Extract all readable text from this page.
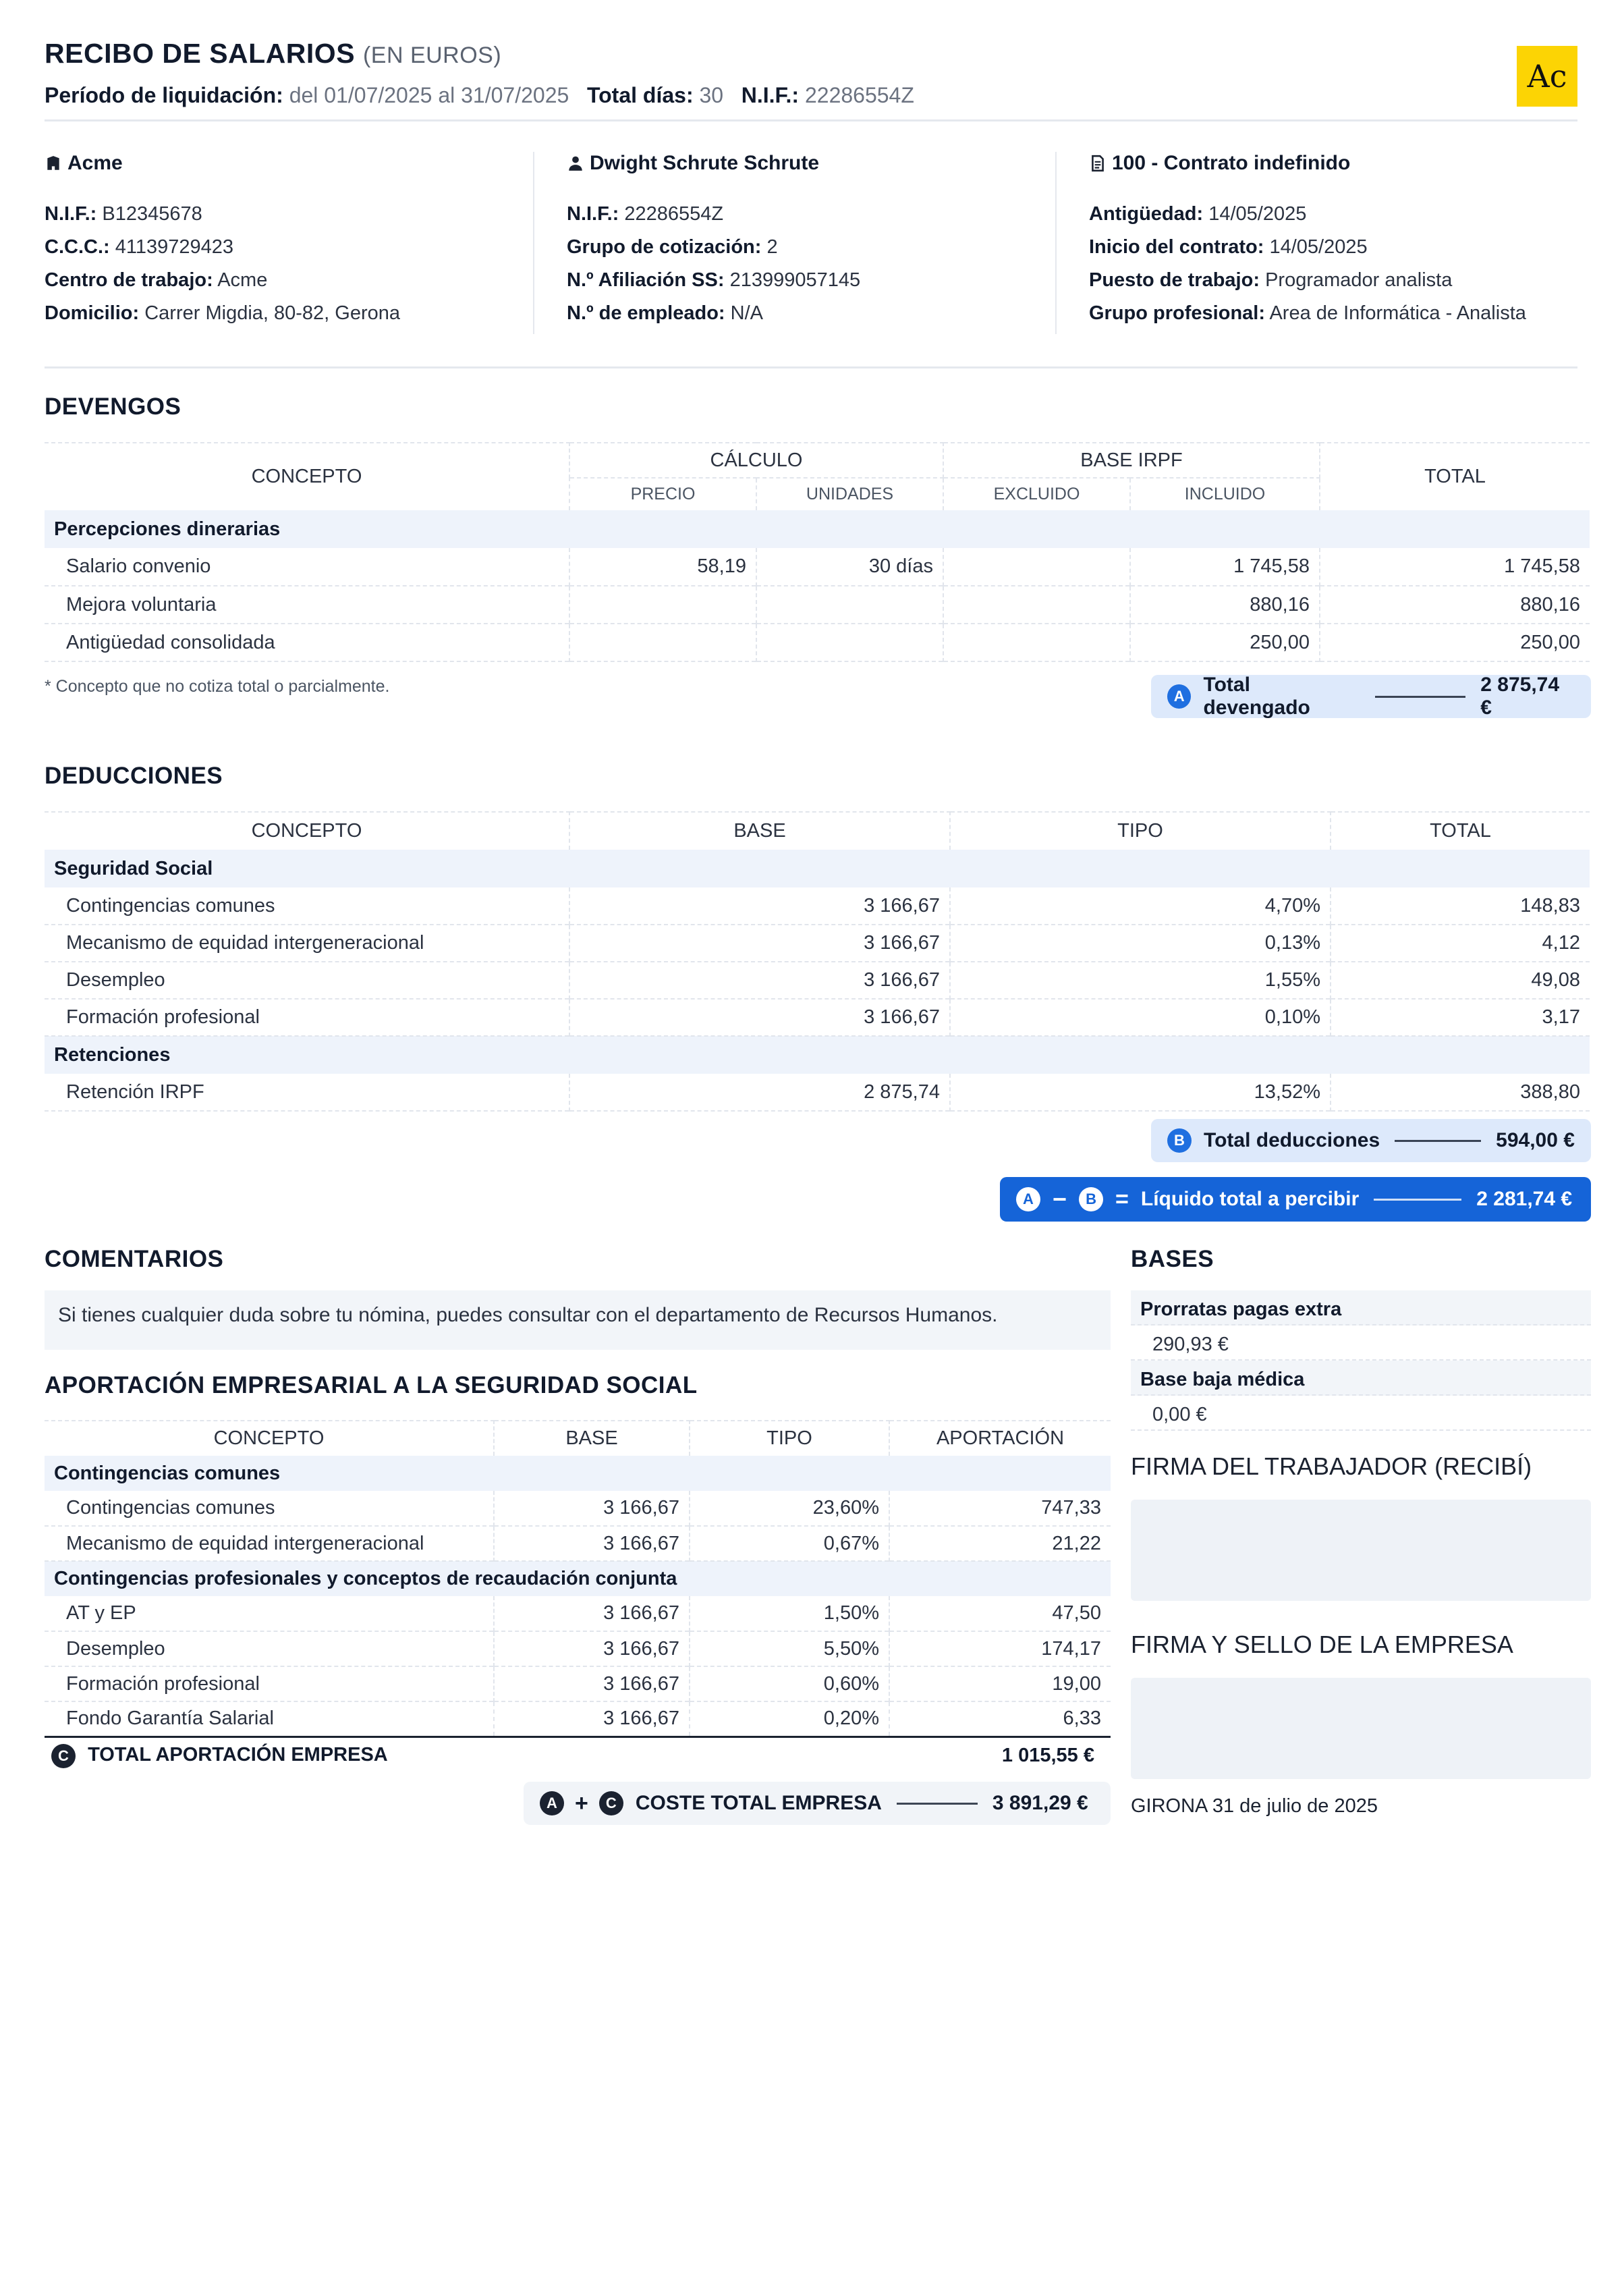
RECIBO DE SALARIOS (EN EUROS)
Período de liquidación: del 01/07/2025 al 31/07/2025 Total días: 30 N.I.F.: 22286554Z
Ac
Acme
N.I.F.: B12345678
C.C.C.: 41139729423
Centro de trabajo: Acme
Domicilio: Carrer Migdia, 80-82, Gerona
Dwight Schrute Schrute
N.I.F.: 22286554Z
Grupo de cotización: 2
N.º Afiliación SS: 213999057145
N.º de empleado: N/A
100 - Contrato indefinido
Antigüedad: 14/05/2025
Inicio del contrato: 14/05/2025
Puesto de trabajo: Programador analista
Grupo profesional: Area de Informática - Analista
DEVENGOS
CONCEPTO	CÁLCULO		BASE IRPF		TOTAL
	PRECIO	UNIDADES	EXCLUIDO	INCLUIDO	
Percepciones dinerarias					
Salario convenio	58,19	30 días		1 745,58	1 745,58
Mejora voluntaria				880,16	880,16
Antigüedad consolidada				250,00	250,00
* Concepto que no cotiza total o parcialmente.
A
Total devengado
2 875,74 €
DEDUCCIONES
CONCEPTO	BASE	TIPO	TOTAL
Seguridad Social			
Contingencias comunes	3 166,67	4,70%	148,83
Mecanismo de equidad intergeneracional	3 166,67	0,13%	4,12
Desempleo	3 166,67	1,55%	49,08
Formación profesional	3 166,67	0,10%	3,17
Retenciones			
Retención IRPF	2 875,74	13,52%	388,80
B Total deducciones	594,00 €
A −	B = Líquido total a percibir	2 281,74 €
COMENTARIOS
Si tienes cualquier duda sobre tu nómina, puedes consultar con el departamento de Recursos Humanos.
APORTACIÓN EMPRESARIAL A LA SEGURIDAD SOCIAL
CONCEPTO	BASE	TIPO	APORTACIÓN
Contingencias comunes			
Contingencias comunes	3 166,67	23,60%	747,33
Mecanismo de equidad intergeneracional	3 166,67	0,67%	21,22
Contingencias profesionales y conceptos de recaudación conjunta			
AT y EP	3 166,67	1,50%	47,50
Desempleo	3 166,67	5,50%	174,17
Formación profesional	3 166,67	0,60%	19,00
Fondo Garantía Salarial	3 166,67	0,20%	6,33
C TOTAL APORTACIÓN EMPRESA			1 015,55 €
A +	C COSTE TOTAL EMPRESA	3 891,29 €
BASES
Prorratas pagas extra
290,93 €
Base baja médica
0,00 €
FIRMA DEL TRABAJADOR (RECIBÍ)
FIRMA Y SELLO DE LA EMPRESA
GIRONA 31 de julio de 2025
